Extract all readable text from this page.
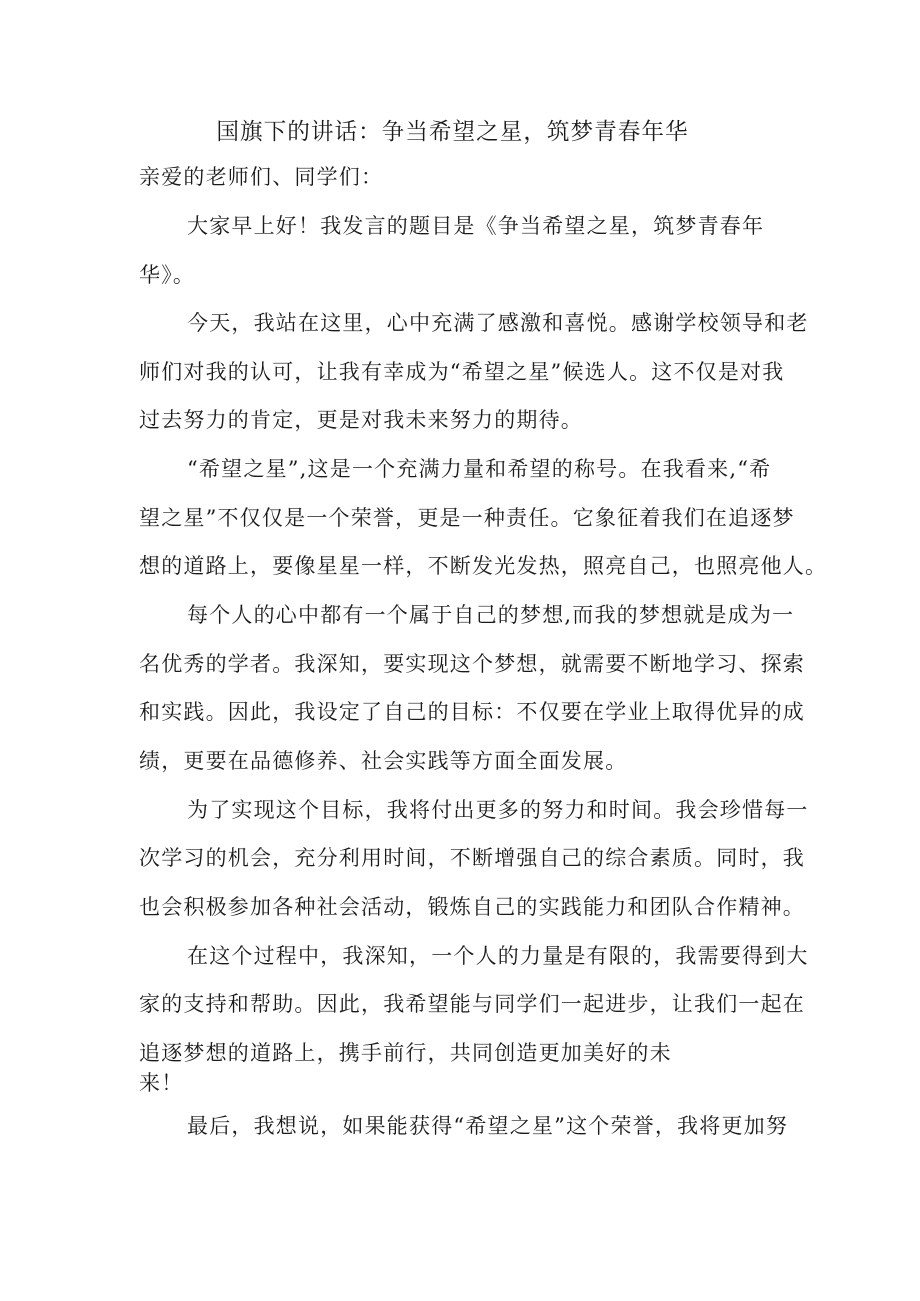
国旗下的讲话：争当希望之星，筑梦青春年华
亲爱的老师们、同学们：
大家早上好！我发言的题目是《争当希望之星，筑梦青春年
华》。
今天，我站在这里，心中充满了感激和喜悦。感谢学校领导和老
师们对我的认可，让我有幸成为“希望之星”候选人。这不仅是对我
过去努力的肯定，更是对我未来努力的期待。
“希望之星”,这是一个充满力量和希望的称号。在我看来,“希
望之星”不仅仅是一个荣誉，更是一种责任。它象征着我们在追逐梦
想的道路上，要像星星一样，不断发光发热，照亮自己，也照亮他人。
每个人的心中都有一个属于自己的梦想,而我的梦想就是成为一
名优秀的学者。我深知，要实现这个梦想，就需要不断地学习、探索
和实践。因此，我设定了自己的目标：不仅要在学业上取得优异的成
绩，更要在品德修养、社会实践等方面全面发展。
为了实现这个目标，我将付出更多的努力和时间。我会珍惜每一
次学习的机会，充分利用时间，不断增强自己的综合素质。同时，我
也会积极参加各种社会活动，锻炼自己的实践能力和团队合作精神。
在这个过程中，我深知，一个人的力量是有限的，我需要得到大
家的支持和帮助。因此，我希望能与同学们一起进步，让我们一起在
追逐梦想的道路上，携手前行，共同创造更加美好的未
来！
最后，我想说，如果能获得“希望之星”这个荣誉，我将更加努
